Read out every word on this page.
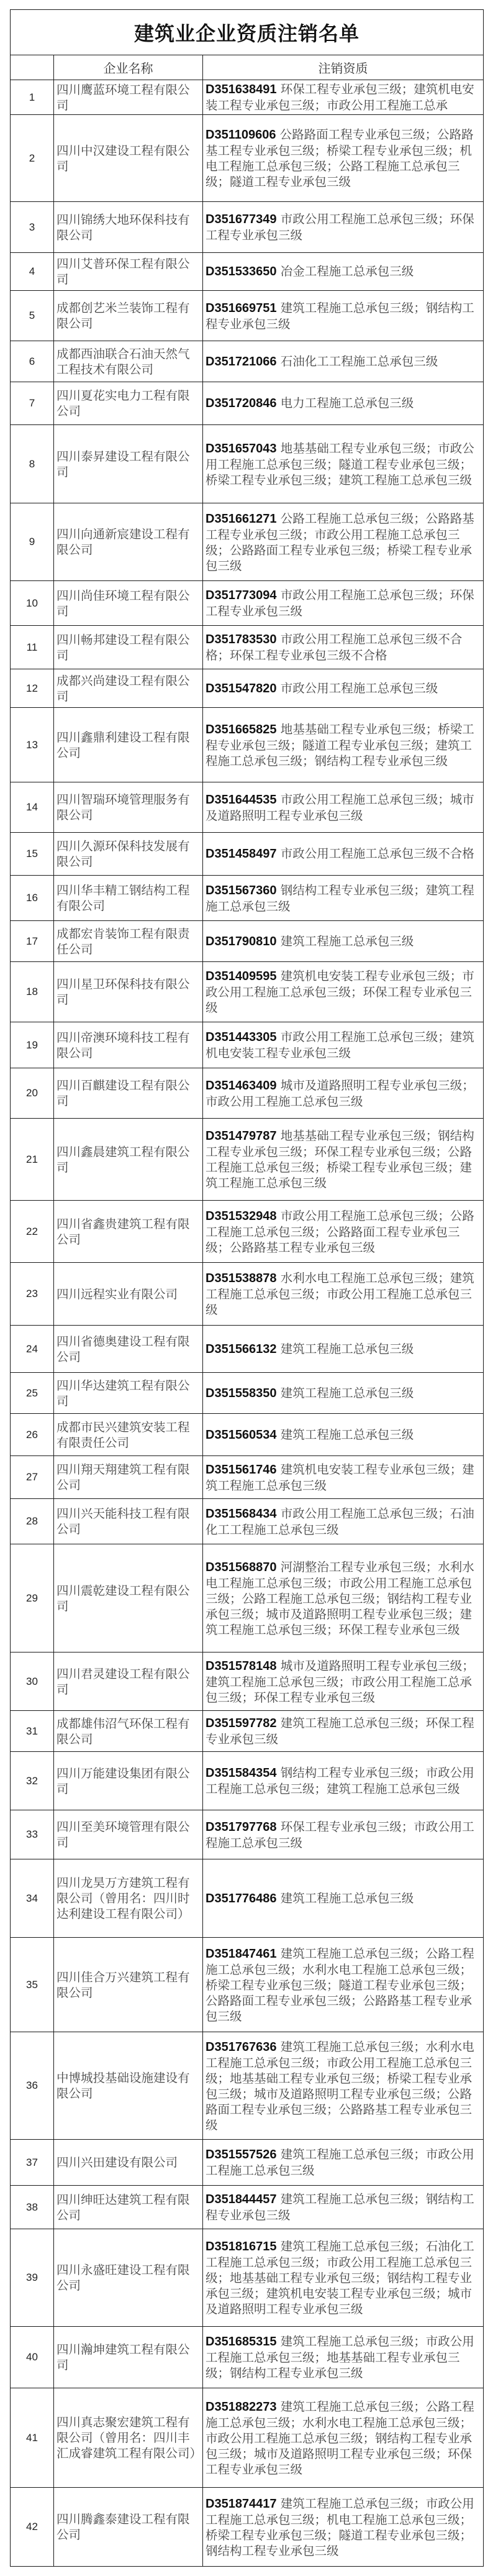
建筑业企业资质注销名单		
	企业名称	注销资质
1	四川鹰蓝环境工程有限公司	D351638491 环保工程专业承包三级；建筑机电安装工程专业承包三级；市政公用工程施工总承
2	四川中汉建设工程有限公司	D351109606 公路路面工程专业承包三级；公路路基工程专业承包三级；桥梁工程专业承包三级；机电工程施工总承包三级；公路工程施工总承包三级；隧道工程专业承包三级
3	四川锦绣大地环保科技有限公司	D351677349 市政公用工程施工总承包三级；环保工程专业承包三级
4	四川艾普环保工程有限公司	D351533650 冶金工程施工总承包三级
5	成都创艺米兰装饰工程有限公司	D351669751 建筑工程施工总承包三级；钢结构工程专业承包三级
6	成都西油联合石油天然气工程技术有限公司	D351721066 石油化工工程施工总承包三级
7	四川夏花实电力工程有限公司	D351720846 电力工程施工总承包三级
8	四川泰昇建设工程有限公司	D351657043 地基基础工程专业承包三级；市政公用工程施工总承包三级；隧道工程专业承包三级；桥梁工程专业承包三级；建筑工程施工总承包三级
9	四川向通新宸建设工程有限公司	D351661271 公路工程施工总承包三级；公路路基工程专业承包三级；市政公用工程施工总承包三级；公路路面工程专业承包三级；桥梁工程专业承包三级
10	四川尚佳环境工程有限公司	D351773094 市政公用工程施工总承包三级；环保工程专业承包三级
11	四川畅邦建设工程有限公司	D351783530 市政公用工程施工总承包三级不合格；环保工程专业承包三级不合格
12	成都兴尚建设工程有限公司	D351547820 市政公用工程施工总承包三级
13	四川鑫鼎利建设工程有限公司	D351665825 地基基础工程专业承包三级；桥梁工程专业承包三级；隧道工程专业承包三级；建筑工程施工总承包三级；钢结构工程专业承包三级
14	四川智瑞环境管理服务有限公司	D351644535 市政公用工程施工总承包三级；城市及道路照明工程专业承包三级
15	四川久源环保科技发展有限公司	D351458497 市政公用工程施工总承包三级不合格
16	四川华丰精工钢结构工程有限公司	D351567360 钢结构工程专业承包三级；建筑工程施工总承包三级
17	成都宏肯装饰工程有限责任公司	D351790810 建筑工程施工总承包三级
18	四川星卫环保科技有限公司	D351409595 建筑机电安装工程专业承包三级；市政公用工程施工总承包三级；环保工程专业承包三级
19	四川帝澳环境科技工程有限公司	D351443305 市政公用工程施工总承包三级；建筑机电安装工程专业承包三级
20	四川百麒建设工程有限公司	D351463409 城市及道路照明工程专业承包三级；市政公用工程施工总承包三级
21	四川鑫晨建筑工程有限公司	D351479787 地基基础工程专业承包三级；钢结构工程专业承包三级；环保工程专业承包三级；公路工程施工总承包三级；桥梁工程专业承包三级；建筑工程施工总承包三级
22	四川省鑫贵建筑工程有限公司	D351532948 市政公用工程施工总承包三级；公路工程施工总承包三级；公路路面工程专业承包三级；公路路基工程专业承包三级
23	四川远程实业有限公司	D351538878 水利水电工程施工总承包三级；建筑工程施工总承包三级；市政公用工程施工总承包三级
24	四川省德奥建设工程有限公司	D351566132 建筑工程施工总承包三级
25	四川华达建筑工程有限公司	D351558350 建筑工程施工总承包三级
26	成都市民兴建筑安装工程有限责任公司	D351560534 建筑工程施工总承包三级
27	四川翔天翔建筑工程有限公司	D351561746 建筑机电安装工程专业承包三级；建筑工程施工总承包三级
28	四川兴天能科技工程有限公司	D351568434 市政公用工程施工总承包三级；石油化工工程施工总承包三级
29	四川震乾建设工程有限公司	D351568870 河湖整治工程专业承包三级；水利水电工程施工总承包三级；市政公用工程施工总承包三级；公路工程施工总承包三级；钢结构工程专业承包三级；城市及道路照明工程专业承包三级；建筑工程施工总承包三级；环保工程专业承包三级
30	四川君灵建设工程有限公司	D351578148 城市及道路照明工程专业承包三级；建筑工程施工总承包三级；市政公用工程施工总承包三级；环保工程专业承包三级
31	成都雄伟沼气环保工程有限公司	D351597782 建筑工程施工总承包三级；环保工程专业承包三级
32	四川万能建设集团有限公司	D351584354 钢结构工程专业承包三级；市政公用工程施工总承包三级；建筑工程施工总承包三级
33	四川至美环境管理有限公司	D351797768 环保工程专业承包三级；市政公用工程施工总承包三级
34	四川龙昊万方建筑工程有限公司（曾用名：四川时达利建设工程有限公司）	D351776486 建筑工程施工总承包三级
35	四川佳合万兴建筑工程有限公司	D351847461 建筑工程施工总承包三级；公路工程施工总承包三级；水利水电工程施工总承包三级；桥梁工程专业承包三级；隧道工程专业承包三级；公路路面工程专业承包三级；公路路基工程专业承包三级
36	中博城投基础设施建设有限公司	D351767636 建筑工程施工总承包三级；水利水电工程施工总承包三级；市政公用工程施工总承包三级；地基基础工程专业承包三级；桥梁工程专业承包三级；城市及道路照明工程专业承包三级；公路路面工程专业承包三级；公路路基工程专业承包三级
37	四川兴田建设有限公司	D351557526 建筑工程施工总承包三级；市政公用工程施工总承包三级
38	四川绅旺达建筑工程有限公司	D351844457 建筑工程施工总承包三级；钢结构工程专业承包三级
39	四川永盛旺建设工程有限公司	D351816715 建筑工程施工总承包三级；石油化工工程施工总承包三级；市政公用工程施工总承包三级；地基基础工程专业承包三级；钢结构工程专业承包三级；建筑机电安装工程专业承包三级；城市及道路照明工程专业承包三级
40	四川瀚坤建筑工程有限公司	D351685315 建筑工程施工总承包三级；市政公用工程施工总承包三级；地基基础工程专业承包三级；钢结构工程专业承包三级
41	四川真志聚宏建筑工程有限公司（曾用名：四川丰汇成睿建筑工程有限公司）	D351882273 建筑工程施工总承包三级；公路工程施工总承包三级；水利水电工程施工总承包三级；市政公用工程施工总承包三级；钢结构工程专业承包三级；城市及道路照明工程专业承包三级；环保工程专业承包三级
42	四川腾鑫泰建设工程有限公司	D351874417 建筑工程施工总承包三级；市政公用工程施工总承包三级；机电工程施工总承包三级；桥梁工程专业承包三级；隧道工程专业承包三级；钢结构工程专业承包三级
